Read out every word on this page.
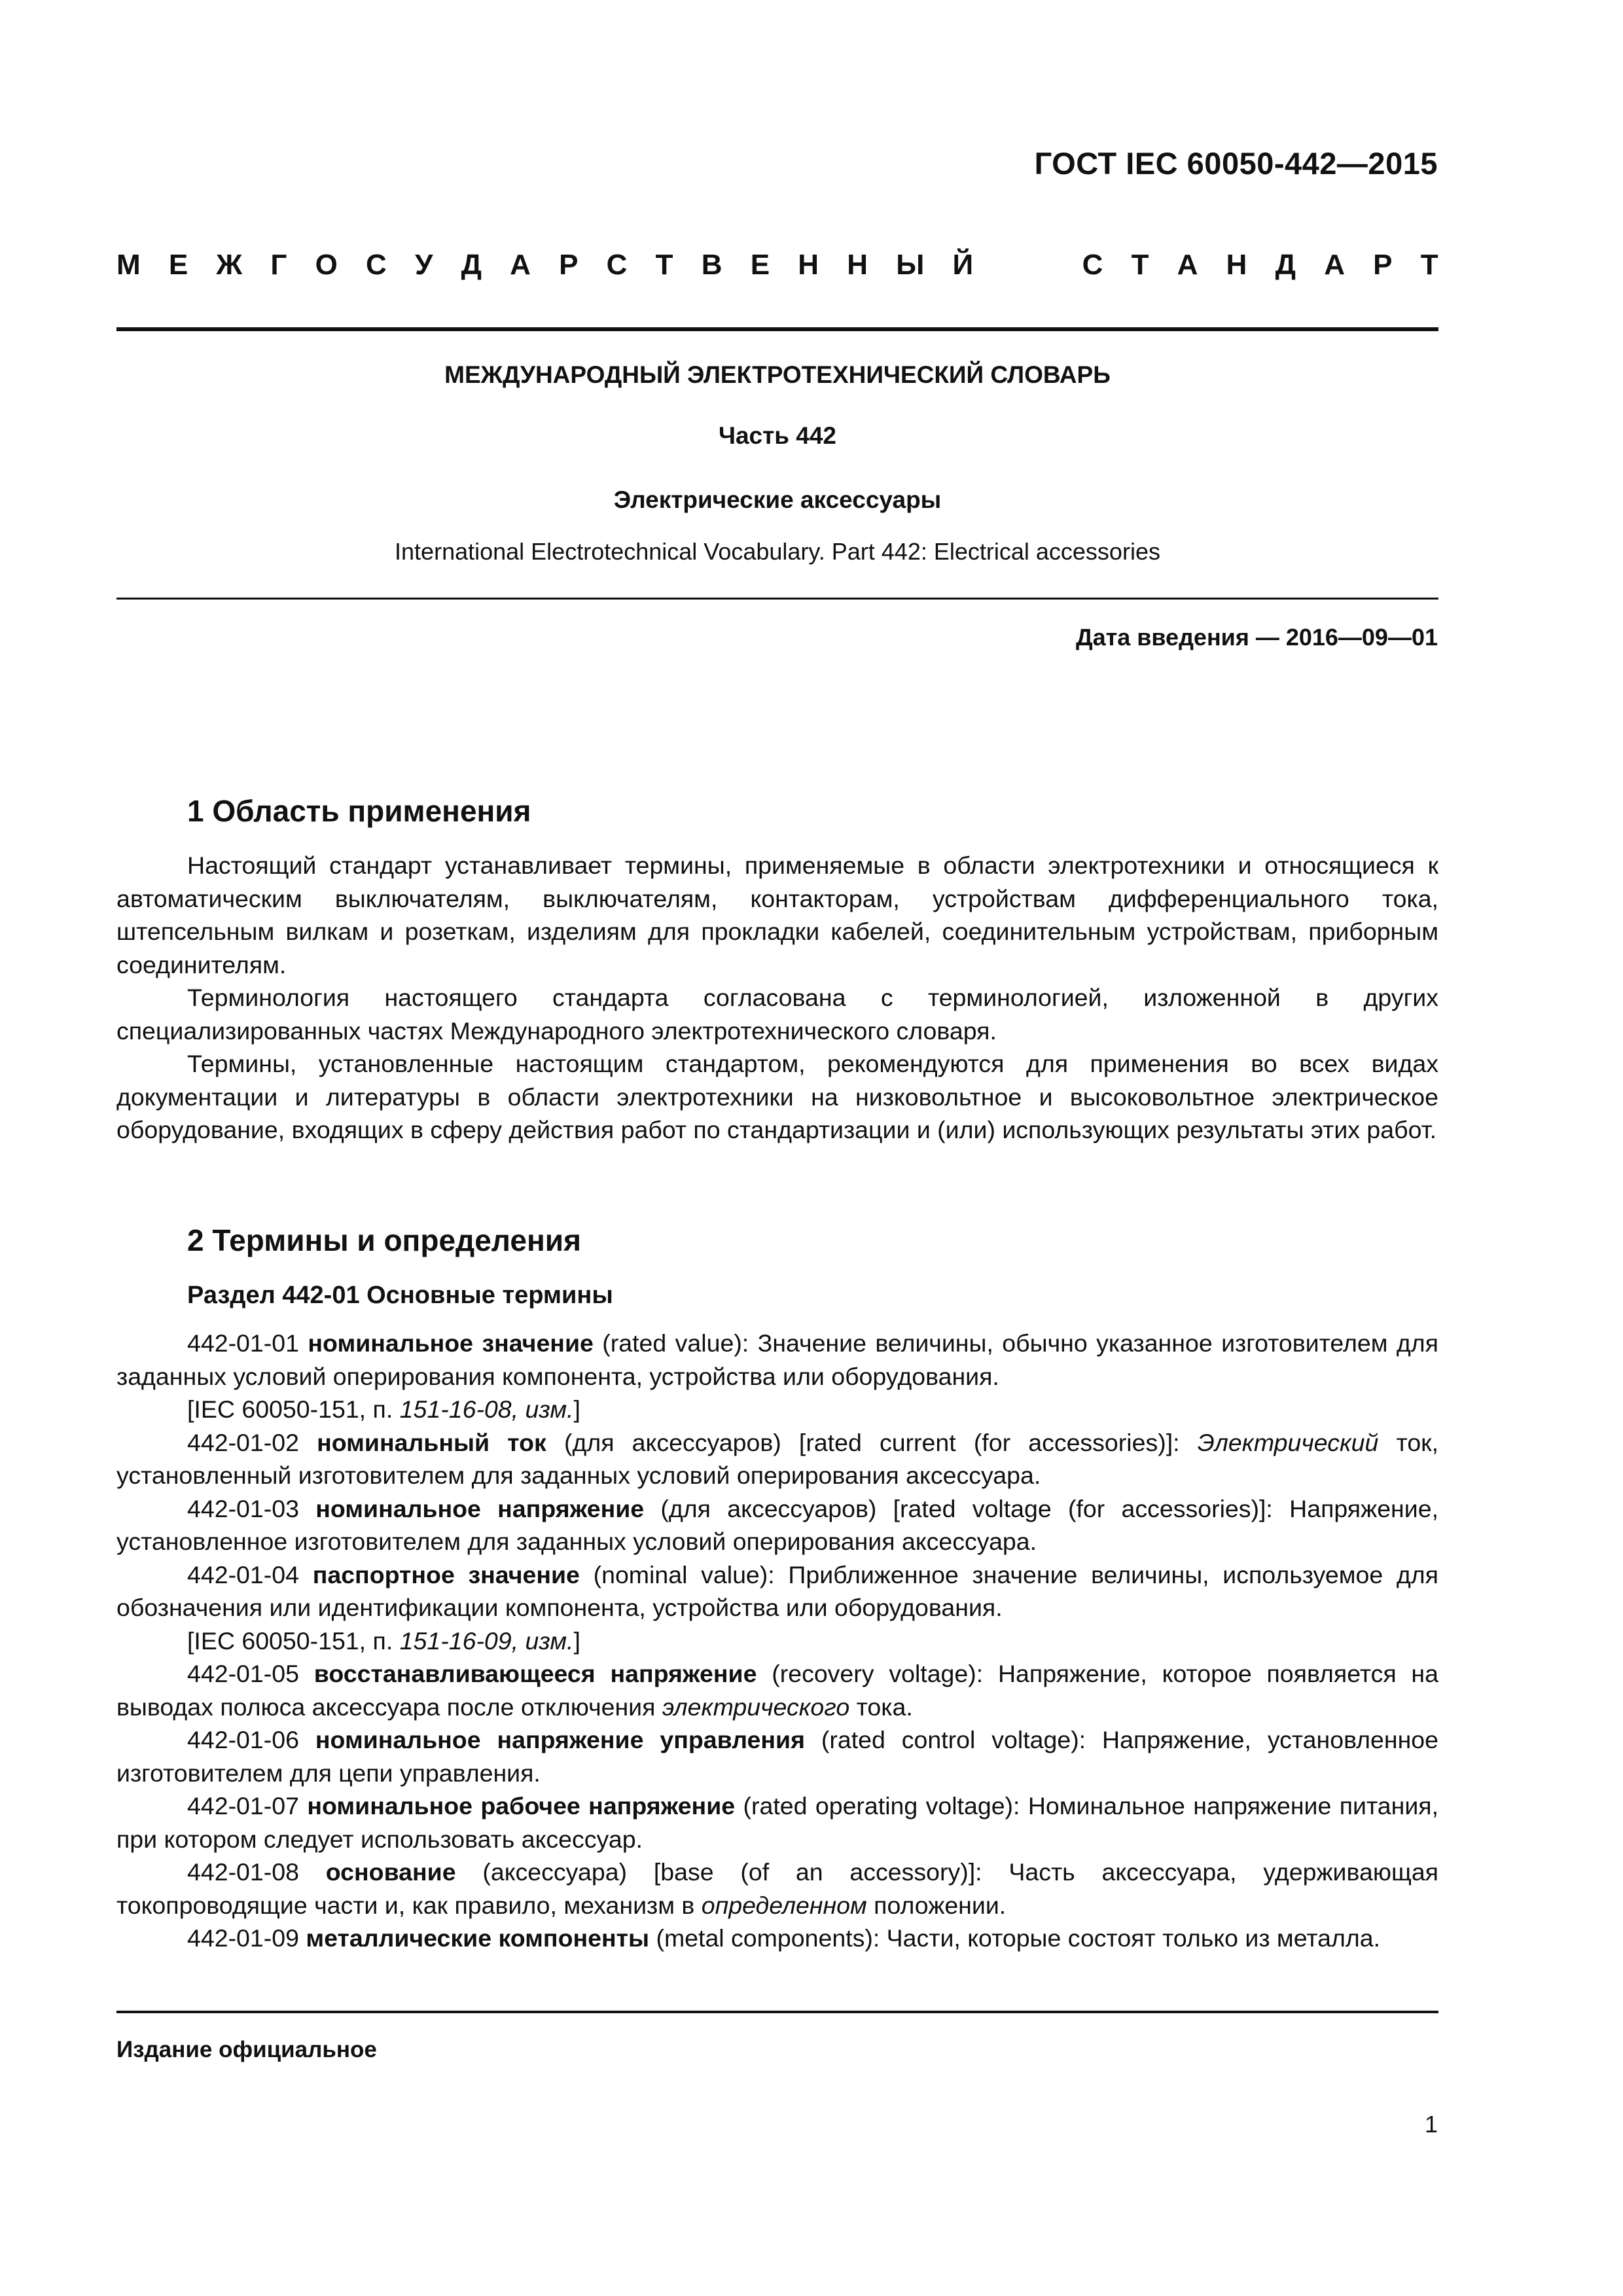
ГОСТ IEC 60050-442—2015
М Е Ж Г О С У Д А Р С Т В Е Н Н Ы Й	С Т А Н Д А Р Т
МЕЖДУНАРОДНЫЙ ЭЛЕКТРОТЕХНИЧЕСКИЙ СЛОВАРЬ
Часть 442
Электрические аксессуары
International Electrotechnical Vocabulary. Part 442: Electrical accessories
Дата введения — 2016—09—01
1 Область применения

Настоящий стандарт устанавливает термины, применяемые в области электротехники и относящиеся к автоматическим выключателям, выключателям, контакторам, устройствам дифференциального тока, штепсельным вилкам и розеткам, изделиям для прокладки кабелей, соединительным устройствам, приборным соединителям.

Терминология настоящего стандарта согласована с терминологией, изложенной в других специализированных частях Международного электротехнического словаря.

Термины, установленные настоящим стандартом, рекомендуются для применения во всех видах документации и литературы в области электротехники на низковольтное и высоковольтное электрическое оборудование, входящих в сферу действия работ по стандартизации и (или) использующих результаты этих работ.

2 Термины и определения
Раздел 442-01 Основные термины

442-01-01 номинальное значение (rated value): Значение величины, обычно указанное изготовителем для заданных условий оперирования компонента, устройства или оборудования.

[IEC 60050-151, п. 151-16-08, изм.]

442-01-02 номинальный ток (для аксессуаров) [rated current (for accessories)]: Электрический ток, установленный изготовителем для заданных условий оперирования аксессуара.

442-01-03 номинальное напряжение (для аксессуаров) [rated voltage (for accessories)]: Напряжение, установленное изготовителем для заданных условий оперирования аксессуара.

442-01-04 паспортное значение (nominal value): Приближенное значение величины, используемое для обозначения или идентификации компонента, устройства или оборудования.

[IEC 60050-151, п. 151-16-09, изм.]

442-01-05 восстанавливающееся напряжение (recovery voltage): Напряжение, которое появляется на выводах полюса аксессуара после отключения электрического тока.

442-01-06 номинальное напряжение управления (rated control voltage): Напряжение, установленное изготовителем для цепи управления.

442-01-07 номинальное рабочее напряжение (rated operating voltage): Номинальное напряжение питания, при котором следует использовать аксессуар.

442-01-08 основание (аксессуара) [base (of an accessory)]: Часть аксессуара, удерживающая токопроводящие части и, как правило, механизм в определенном положении.

442-01-09 металлические компоненты (metal components): Части, которые состоят только из металла.

Издание официальное
1
